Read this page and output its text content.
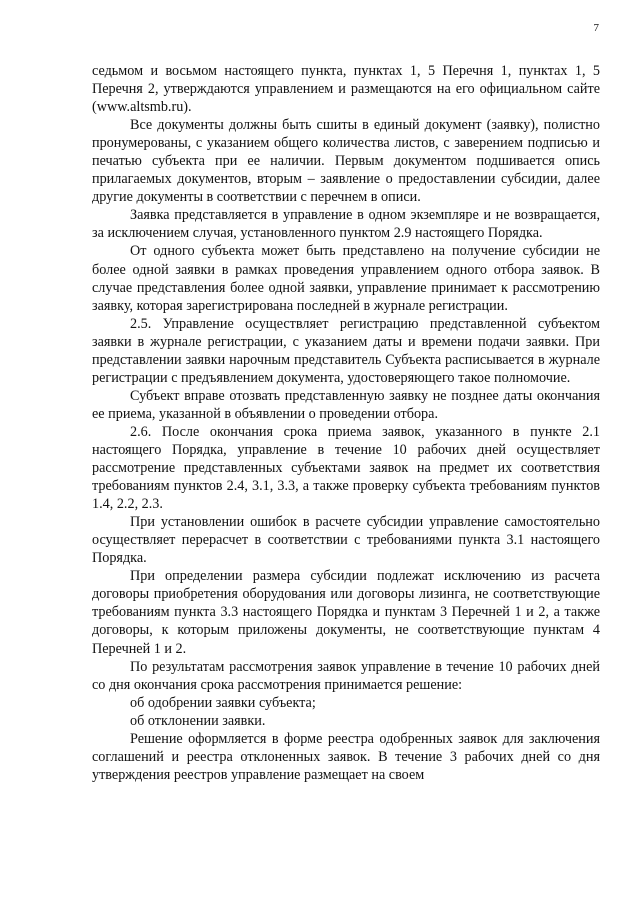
7

седьмом и восьмом настоящего пункта, пунктах 1, 5 Перечня 1, пунктах 1, 5 Перечня 2, утверждаются управлением и размещаются на его официальном сайте (www.altsmb.ru).

Все документы должны быть сшиты в единый документ (заявку), полистно пронумерованы, с указанием общего количества листов, с заверением подписью и печатью субъекта при ее наличии. Первым документом подшивается опись прилагаемых документов, вторым – заявление о предоставлении субсидии, далее другие документы в соответствии с перечнем в описи.

Заявка представляется в управление в одном экземпляре и не возвращается, за исключением случая, установленного пунктом 2.9 настоящего Порядка.

От одного субъекта может быть представлено на получение субсидии не более одной заявки в рамках проведения управлением одного отбора заявок. В случае представления более одной заявки, управление принимает к рассмотрению заявку, которая зарегистрирована последней в журнале регистрации.

2.5. Управление осуществляет регистрацию представленной субъектом заявки в журнале регистрации, с указанием даты и времени подачи заявки. При представлении заявки нарочным представитель Субъекта расписывается в журнале регистрации с предъявлением документа, удостоверяющего такое полномочие.

Субъект вправе отозвать представленную заявку не позднее даты окончания ее приема, указанной в объявлении о проведении отбора.

2.6. После окончания срока приема заявок, указанного в пункте 2.1 настоящего Порядка, управление в течение 10 рабочих дней осуществляет рассмотрение представленных субъектами заявок на предмет их соответствия требованиям пунктов 2.4, 3.1, 3.3, а также проверку субъекта требованиям пунктов 1.4, 2.2, 2.3.

При установлении ошибок в расчете субсидии управление самостоятельно осуществляет перерасчет в соответствии с требованиями пункта 3.1 настоящего Порядка.

При определении размера субсидии подлежат исключению из расчета договоры приобретения оборудования или договоры лизинга, не соответствующие требованиям пункта 3.3 настоящего Порядка и пунктам 3 Перечней 1 и 2, а также договоры, к которым приложены документы, не соответствующие пунктам 4 Перечней 1 и 2.

По результатам рассмотрения заявок управление в течение 10 рабочих дней со дня окончания срока рассмотрения принимается решение:

об одобрении заявки субъекта;

об отклонении заявки.

Решение оформляется в форме реестра одобренных заявок для заключения соглашений и реестра отклоненных заявок. В течение 3 рабочих дней со дня утверждения реестров управление размещает на своем
